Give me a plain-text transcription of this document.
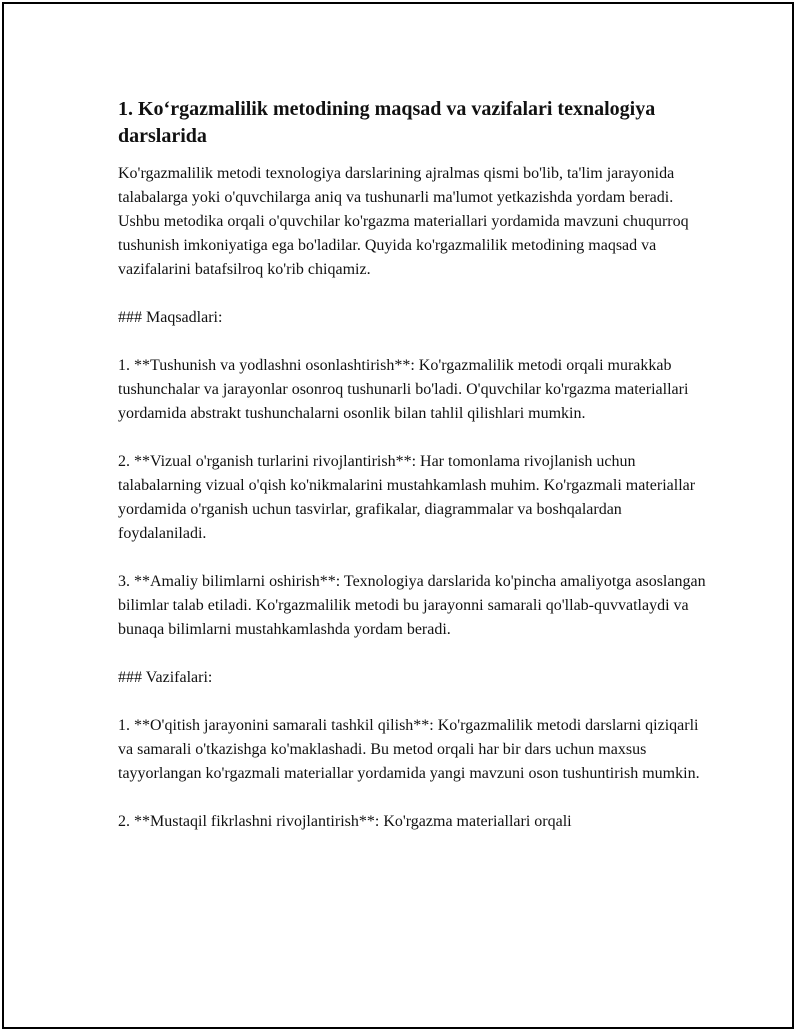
1. Koʻrgazmalilik metodining maqsad va vazifalari texnalogiya darslarida

Ko'rgazmalilik metodi texnologiya darslarining ajralmas qismi bo'lib, ta'lim jarayonida talabalarga yoki o'quvchilarga aniq va tushunarli ma'lumot yetkazishda yordam beradi. Ushbu metodika orqali o'quvchilar ko'rgazma materiallari yordamida mavzuni chuqurroq tushunish imkoniyatiga ega bo'ladilar. Quyida ko'rgazmalilik metodining maqsad va vazifalarini batafsilroq ko'rib chiqamiz.

### Maqsadlari:

1. **Tushunish va yodlashni osonlashtirish**: Ko'rgazmalilik metodi orqali murakkab tushunchalar va jarayonlar osonroq tushunarli bo'ladi. O'quvchilar ko'rgazma materiallari yordamida abstrakt tushunchalarni osonlik bilan tahlil qilishlari mumkin.

2. **Vizual o'rganish turlarini rivojlantirish**: Har tomonlama rivojlanish uchun talabalarning vizual o'qish ko'nikmalarini mustahkamlash muhim. Ko'rgazmali materiallar yordamida o'rganish uchun tasvirlar, grafikalar, diagrammalar va boshqalardan foydalaniladi.

3. **Amaliy bilimlarni oshirish**: Texnologiya darslarida ko'pincha amaliyotga asoslangan bilimlar talab etiladi. Ko'rgazmalilik metodi bu jarayonni samarali qo'llab-quvvatlaydi va bunaqa bilimlarni mustahkamlashda yordam beradi.

### Vazifalari:

1. **O'qitish jarayonini samarali tashkil qilish**: Ko'rgazmalilik metodi darslarni qiziqarli va samarali o'tkazishga ko'maklashadi. Bu metod orqali har bir dars uchun maxsus tayyorlangan ko'rgazmali materiallar yordamida yangi mavzuni oson tushuntirish mumkin.

2. **Mustaqil fikrlashni rivojlantirish**: Ko'rgazma materiallari orqali
